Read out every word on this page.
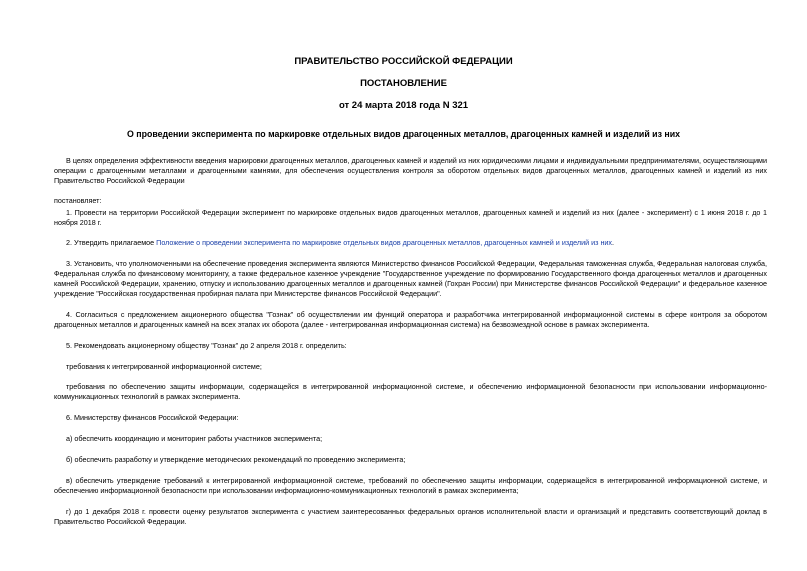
ПРАВИТЕЛЬСТВО РОССИЙСКОЙ ФЕДЕРАЦИИ
ПОСТАНОВЛЕНИЕ
от 24 марта 2018 года N 321
О проведении эксперимента по маркировке отдельных видов драгоценных металлов, драгоценных камней и изделий из них
В целях определения эффективности введения маркировки драгоценных металлов, драгоценных камней и изделий из них юридическими лицами и индивидуальными предпринимателями, осуществляющими операции с драгоценными металлами и драгоценными камнями, для обеспечения осуществления контроля за оборотом отдельных видов драгоценных металлов, драгоценных камней и изделий из них Правительство Российской Федерации
постановляет:
1. Провести на территории Российской Федерации эксперимент по маркировке отдельных видов драгоценных металлов, драгоценных камней и изделий из них (далее - эксперимент) с 1 июня 2018 г. до 1 ноября 2018 г.
2. Утвердить прилагаемое Положение о проведении эксперимента по маркировке отдельных видов драгоценных металлов, драгоценных камней и изделий из них.
3. Установить, что уполномоченными на обеспечение проведения эксперимента являются Министерство финансов Российской Федерации, Федеральная таможенная служба, Федеральная налоговая служба, Федеральная служба по финансовому мониторингу, а также федеральное казенное учреждение "Государственное учреждение по формированию Государственного фонда драгоценных металлов и драгоценных камней Российской Федерации, хранению, отпуску и использованию драгоценных металлов и драгоценных камней (Гохран России) при Министерстве финансов Российской Федерации" и федеральное казенное учреждение "Российская государственная пробирная палата при Министерстве финансов Российской Федерации".
4. Согласиться с предложением акционерного общества "Гознак" об осуществлении им функций оператора и разработчика интегрированной информационной системы в сфере контроля за оборотом драгоценных металлов и драгоценных камней на всех этапах их оборота (далее - интегрированная информационная система) на безвозмездной основе в рамках эксперимента.
5. Рекомендовать акционерному обществу "Гознак" до 2 апреля 2018 г. определить:
требования к интегрированной информационной системе;
требования по обеспечению защиты информации, содержащейся в интегрированной информационной системе, и обеспечению информационной безопасности при использовании информационно-коммуникационных технологий в рамках эксперимента.
6. Министерству финансов Российской Федерации:
а) обеспечить координацию и мониторинг работы участников эксперимента;
б) обеспечить разработку и утверждение методических рекомендаций по проведению эксперимента;
в) обеспечить утверждение требований к интегрированной информационной системе, требований по обеспечению защиты информации, содержащейся в интегрированной информационной системе, и обеспечению информационной безопасности при использовании информационно-коммуникационных технологий в рамках эксперимента;
г) до 1 декабря 2018 г. провести оценку результатов эксперимента с участием заинтересованных федеральных органов исполнительной власти и организаций и представить соответствующий доклад в Правительство Российской Федерации.
